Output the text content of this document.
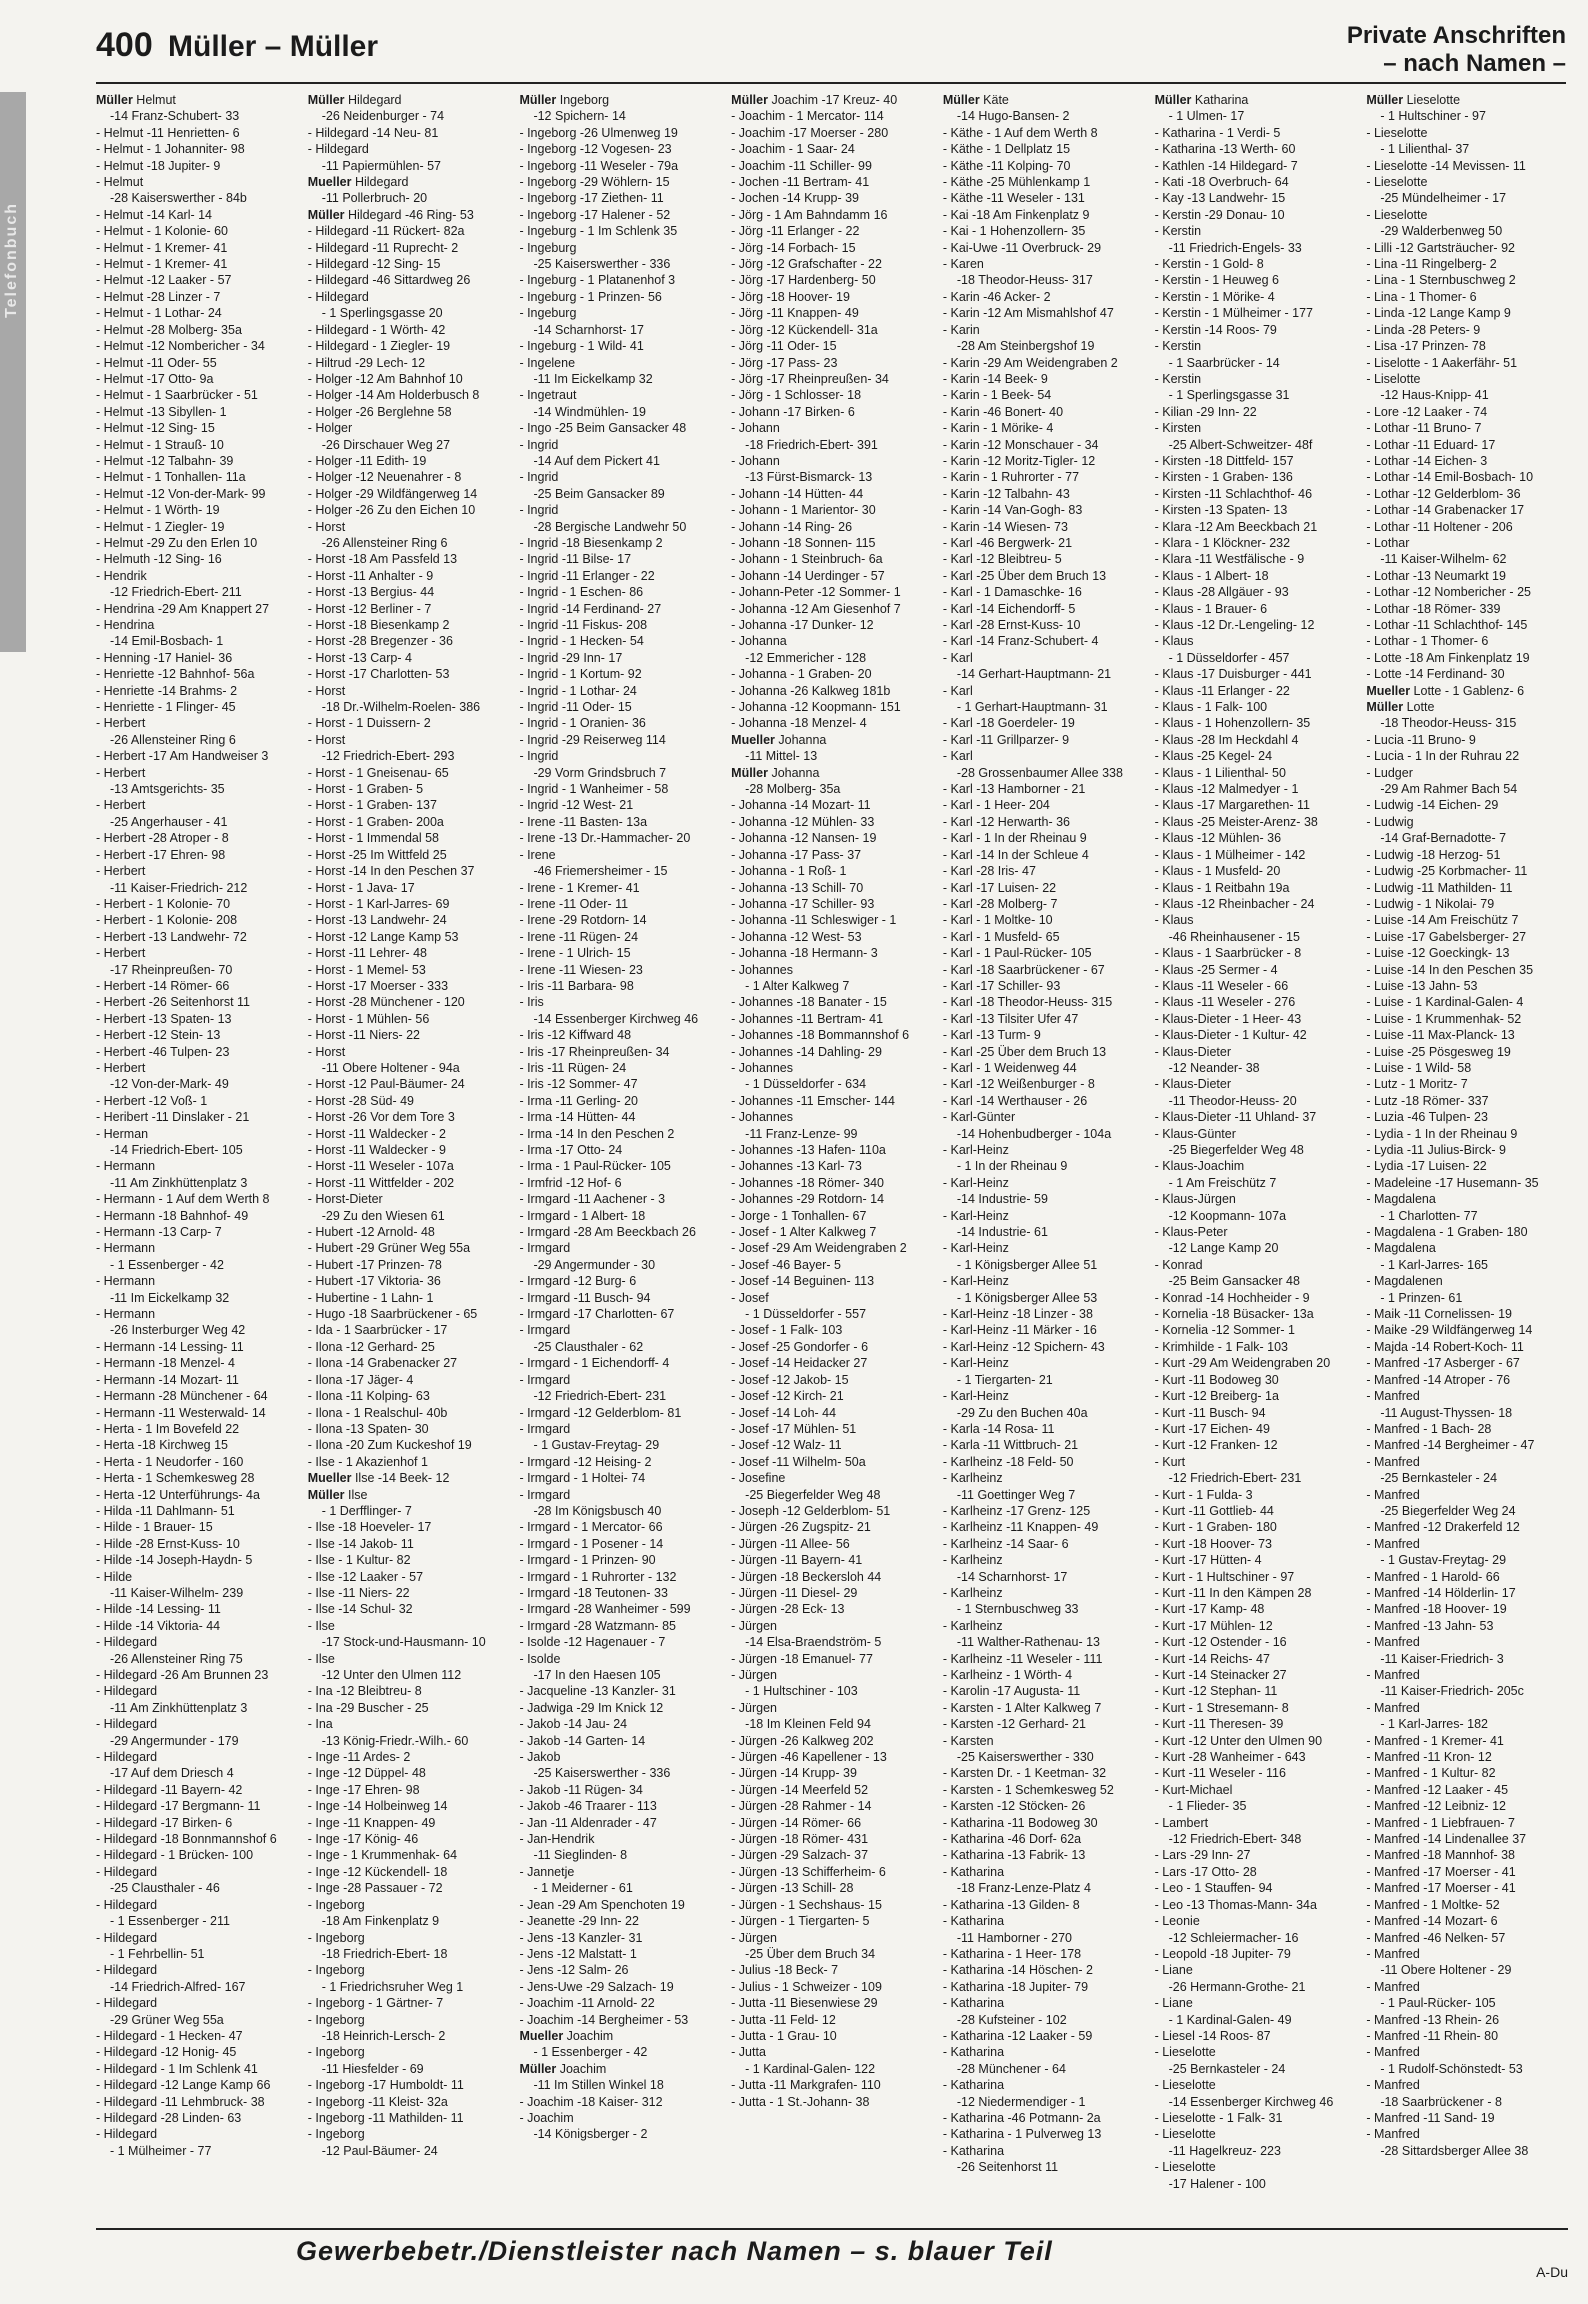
400 Müller – Müller	Private Anschriften
– nach Namen –
Telefonbuch
Müller Helmut
-14 Franz-Schubert- 33
- Helmut -11 Henrietten- 6
- Helmut - 1 Johanniter- 98
- Helmut -18 Jupiter- 9
- Helmut
-28 Kaiserswerther - 84b
- Helmut -14 Karl- 14
- Helmut - 1 Kolonie- 60
- Helmut - 1 Kremer- 41
- Helmut - 1 Kremer- 41
- Helmut -12 Laaker - 57
- Helmut -28 Linzer - 7
- Helmut - 1 Lothar- 24
- Helmut -28 Molberg- 35a
- Helmut -12 Nombericher - 34
- Helmut -11 Oder- 55
- Helmut -17 Otto- 9a
- Helmut - 1 Saarbrücker - 51
- Helmut -13 Sibyllen- 1
- Helmut -12 Sing- 15
- Helmut - 1 Strauß- 10
- Helmut -12 Talbahn- 39
- Helmut - 1 Tonhallen- 11a
- Helmut -12 Von-der-Mark- 99
- Helmut - 1 Wörth- 19
- Helmut - 1 Ziegler- 19
- Helmut -29 Zu den Erlen 10
- Helmuth -12 Sing- 16
- Hendrik
-12 Friedrich-Ebert- 211
- Hendrina -29 Am Knappert 27
- Hendrina
-14 Emil-Bosbach- 1
- Henning -17 Haniel- 36
- Henriette -12 Bahnhof- 56a
- Henriette -14 Brahms- 2
- Henriette - 1 Flinger- 45
- Herbert
-26 Allensteiner Ring 6
- Herbert -17 Am Handweiser 3
- Herbert
-13 Amtsgerichts- 35
- Herbert
-25 Angerhauser - 41
- Herbert -28 Atroper - 8
- Herbert -17 Ehren- 98
- Herbert
-11 Kaiser-Friedrich- 212
- Herbert - 1 Kolonie- 70
- Herbert - 1 Kolonie- 208
- Herbert -13 Landwehr- 72
- Herbert
-17 Rheinpreußen- 70
- Herbert -14 Römer- 66
- Herbert -26 Seitenhorst 11
- Herbert -13 Spaten- 13
- Herbert -12 Stein- 13
- Herbert -46 Tulpen- 23
- Herbert
-12 Von-der-Mark- 49
- Herbert -12 Voß- 1
- Heribert -11 Dinslaker - 21
- Herman
-14 Friedrich-Ebert- 105
- Hermann
-11 Am Zinkhüttenplatz 3
- Hermann - 1 Auf dem Werth 8
- Hermann -18 Bahnhof- 49
- Hermann -13 Carp- 7
- Hermann
- 1 Essenberger - 42
- Hermann
-11 Im Eickelkamp 32
- Hermann
-26 Insterburger Weg 42
- Hermann -14 Lessing- 11
- Hermann -18 Menzel- 4
- Hermann -14 Mozart- 11
- Hermann -28 Münchener - 64
- Hermann -11 Westerwald- 14
- Herta - 1 Im Bovefeld 22
- Herta -18 Kirchweg 15
- Herta - 1 Neudorfer - 160
- Herta - 1 Schemkesweg 28
- Herta -12 Unterführungs- 4a
- Hilda -11 Dahlmann- 51
- Hilde - 1 Brauer- 15
- Hilde -28 Ernst-Kuss- 10
- Hilde -14 Joseph-Haydn- 5
- Hilde
-11 Kaiser-Wilhelm- 239
- Hilde -14 Lessing- 11
- Hilde -14 Viktoria- 44
- Hildegard
-26 Allensteiner Ring 75
- Hildegard -26 Am Brunnen 23
- Hildegard
-11 Am Zinkhüttenplatz 3
- Hildegard
-29 Angermunder - 179
- Hildegard
-17 Auf dem Driesch 4
- Hildegard -11 Bayern- 42
- Hildegard -17 Bergmann- 11
- Hildegard -17 Birken- 6
- Hildegard -18 Bonnmannshof 6
- Hildegard - 1 Brücken- 100
- Hildegard
-25 Clausthaler - 46
- Hildegard
- 1 Essenberger - 211
- Hildegard
- 1 Fehrbellin- 51
- Hildegard
-14 Friedrich-Alfred- 167
- Hildegard
-29 Grüner Weg 55a
- Hildegard - 1 Hecken- 47
- Hildegard -12 Honig- 45
- Hildegard - 1 Im Schlenk 41
- Hildegard -12 Lange Kamp 66
- Hildegard -11 Lehmbruck- 38
- Hildegard -28 Linden- 63
- Hildegard
- 1 Mülheimer - 77
Müller Hildegard
-26 Neidenburger - 74
- Hildegard -14 Neu- 81
- Hildegard
-11 Papiermühlen- 57
Mueller Hildegard
-11 Pollerbruch- 20
Müller Hildegard -46 Ring- 53
- Hildegard -11 Rückert- 82a
- Hildegard -11 Ruprecht- 2
- Hildegard -12 Sing- 15
- Hildegard -46 Sittardweg 26
- Hildegard
- 1 Sperlingsgasse 20
- Hildegard - 1 Wörth- 42
- Hildegard - 1 Ziegler- 19
- Hiltrud -29 Lech- 12
- Holger -12 Am Bahnhof 10
- Holger -14 Am Holderbusch 8
- Holger -26 Berglehne 58
- Holger
-26 Dirschauer Weg 27
- Holger -11 Edith- 19
- Holger -12 Neuenahrer - 8
- Holger -29 Wildfängerweg 14
- Holger -26 Zu den Eichen 10
- Horst
-26 Allensteiner Ring 6
- Horst -18 Am Passfeld 13
- Horst -11 Anhalter - 9
- Horst -13 Bergius- 44
- Horst -12 Berliner - 7
- Horst -18 Biesenkamp 2
- Horst -28 Bregenzer - 36
- Horst -13 Carp- 4
- Horst -17 Charlotten- 53
- Horst
-18 Dr.-Wilhelm-Roelen- 386
- Horst - 1 Duissern- 2
- Horst
-12 Friedrich-Ebert- 293
- Horst - 1 Gneisenau- 65
- Horst - 1 Graben- 5
- Horst - 1 Graben- 137
- Horst - 1 Graben- 200a
- Horst - 1 Immendal 58
- Horst -25 Im Wittfeld 25
- Horst -14 In den Peschen 37
- Horst - 1 Java- 17
- Horst - 1 Karl-Jarres- 69
- Horst -13 Landwehr- 24
- Horst -12 Lange Kamp 53
- Horst -11 Lehrer- 48
- Horst - 1 Memel- 53
- Horst -17 Moerser - 333
- Horst -28 Münchener - 120
- Horst - 1 Mühlen- 56
- Horst -11 Niers- 22
- Horst
-11 Obere Holtener - 94a
- Horst -12 Paul-Bäumer- 24
- Horst -28 Süd- 49
- Horst -26 Vor dem Tore 3
- Horst -11 Waldecker - 2
- Horst -11 Waldecker - 9
- Horst -11 Weseler - 107a
- Horst -11 Wittfelder - 202
- Horst-Dieter
-29 Zu den Wiesen 61
- Hubert -12 Arnold- 48
- Hubert -29 Grüner Weg 55a
- Hubert -17 Prinzen- 78
- Hubert -17 Viktoria- 36
- Hubertine - 1 Lahn- 1
- Hugo -18 Saarbrückener - 65
- Ida - 1 Saarbrücker - 17
- Ilona -12 Gerhard- 25
- Ilona -14 Grabenacker 27
- Ilona -17 Jäger- 4
- Ilona -11 Kolping- 63
- Ilona - 1 Realschul- 40b
- Ilona -13 Spaten- 30
- Ilona -20 Zum Kuckeshof 19
- Ilse - 1 Akazienhof 1
Mueller Ilse -14 Beek- 12
Müller Ilse
- 1 Derfflinger- 7
- Ilse -18 Hoeveler- 17
- Ilse -14 Jakob- 11
- Ilse - 1 Kultur- 82
- Ilse -12 Laaker - 57
- Ilse -11 Niers- 22
- Ilse -14 Schul- 32
- Ilse
-17 Stock-und-Hausmann- 10
- Ilse
-12 Unter den Ulmen 112
- Ina -12 Bleibtreu- 8
- Ina -29 Buscher - 25
- Ina
-13 König-Friedr.-Wilh.- 60
- Inge -11 Ardes- 2
- Inge -12 Düppel- 48
- Inge -17 Ehren- 98
- Inge -14 Holbeinweg 14
- Inge -11 Knappen- 49
- Inge -17 König- 46
- Inge - 1 Krummenhak- 64
- Inge -12 Kückendell- 18
- Inge -28 Passauer - 72
- Ingeborg
-18 Am Finkenplatz 9
- Ingeborg
-18 Friedrich-Ebert- 18
- Ingeborg
- 1 Friedrichsruher Weg 1
- Ingeborg - 1 Gärtner- 7
- Ingeborg
-18 Heinrich-Lersch- 2
- Ingeborg
-11 Hiesfelder - 69
- Ingeborg -17 Humboldt- 11
- Ingeborg -11 Kleist- 32a
- Ingeborg -11 Mathilden- 11
- Ingeborg
-12 Paul-Bäumer- 24
Müller Ingeborg
-12 Spichern- 14
- Ingeborg -26 Ulmenweg 19
- Ingeborg -12 Vogesen- 23
- Ingeborg -11 Weseler - 79a
- Ingeborg -29 Wöhlern- 15
- Ingeborg -17 Ziethen- 11
- Ingeborg -17 Halener - 52
- Ingeburg - 1 Im Schlenk 35
- Ingeburg
-25 Kaiserswerther - 336
- Ingeburg - 1 Platanenhof 3
- Ingeburg - 1 Prinzen- 56
- Ingeburg
-14 Scharnhorst- 17
- Ingeburg - 1 Wild- 41
- Ingelene
-11 Im Eickelkamp 32
- Ingetraut
-14 Windmühlen- 19
- Ingo -25 Beim Gansacker 48
- Ingrid
-14 Auf dem Pickert 41
- Ingrid
-25 Beim Gansacker 89
- Ingrid
-28 Bergische Landwehr 50
- Ingrid -18 Biesenkamp 2
- Ingrid -11 Bilse- 17
- Ingrid -11 Erlanger - 22
- Ingrid - 1 Eschen- 86
- Ingrid -14 Ferdinand- 27
- Ingrid -11 Fiskus- 208
- Ingrid - 1 Hecken- 54
- Ingrid -29 Inn- 17
- Ingrid - 1 Kortum- 92
- Ingrid - 1 Lothar- 24
- Ingrid -11 Oder- 15
- Ingrid - 1 Oranien- 36
- Ingrid -29 Reiserweg 114
- Ingrid
-29 Vorm Grindsbruch 7
- Ingrid - 1 Wanheimer - 58
- Ingrid -12 West- 21
- Irene -11 Basten- 13a
- Irene -13 Dr.-Hammacher- 20
- Irene
-46 Friemersheimer - 15
- Irene - 1 Kremer- 41
- Irene -11 Oder- 11
- Irene -29 Rotdorn- 14
- Irene -11 Rügen- 24
- Irene - 1 Ulrich- 15
- Irene -11 Wiesen- 23
- Iris -11 Barbara- 98
- Iris
-14 Essenberger Kirchweg 46
- Iris -12 Kiffward 48
- Iris -17 Rheinpreußen- 34
- Iris -11 Rügen- 24
- Iris -12 Sommer- 47
- Irma -11 Gerling- 20
- Irma -14 Hütten- 44
- Irma -14 In den Peschen 2
- Irma -17 Otto- 24
- Irma - 1 Paul-Rücker- 105
- Irmfrid -12 Hof- 6
- Irmgard -11 Aachener - 3
- Irmgard - 1 Albert- 18
- Irmgard -28 Am Beeckbach 26
- Irmgard
-29 Angermunder - 30
- Irmgard -12 Burg- 6
- Irmgard -11 Busch- 94
- Irmgard -17 Charlotten- 67
- Irmgard
-25 Clausthaler - 62
- Irmgard - 1 Eichendorff- 4
- Irmgard
-12 Friedrich-Ebert- 231
- Irmgard -12 Gelderblom- 81
- Irmgard
- 1 Gustav-Freytag- 29
- Irmgard -12 Heising- 2
- Irmgard - 1 Holtei- 74
- Irmgard
-28 Im Königsbusch 40
- Irmgard - 1 Mercator- 66
- Irmgard - 1 Posener - 14
- Irmgard - 1 Prinzen- 90
- Irmgard - 1 Ruhrorter - 132
- Irmgard -18 Teutonen- 33
- Irmgard -28 Wanheimer - 599
- Irmgard -28 Watzmann- 85
- Isolde -12 Hagenauer - 7
- Isolde
-17 In den Haesen 105
- Jacqueline -13 Kanzler- 31
- Jadwiga -29 Im Knick 12
- Jakob -14 Jau- 24
- Jakob -14 Garten- 14
- Jakob
-25 Kaiserswerther - 336
- Jakob -11 Rügen- 34
- Jakob -46 Traarer - 113
- Jan -11 Aldenrader - 47
- Jan-Hendrik
-11 Sieglinden- 8
- Jannetje
- 1 Meiderner - 61
- Jean -29 Am Spenchoten 19
- Jeanette -29 Inn- 22
- Jens -13 Kanzler- 31
- Jens -12 Malstatt- 1
- Jens -12 Salm- 26
- Jens-Uwe -29 Salzach- 19
- Joachim -11 Arnold- 22
- Joachim -14 Bergheimer - 53
Mueller Joachim
- 1 Essenberger - 42
Müller Joachim
-11 Im Stillen Winkel 18
- Joachim -18 Kaiser- 312
- Joachim
-14 Königsberger - 2
Müller Joachim -17 Kreuz- 40
- Joachim - 1 Mercator- 114
- Joachim -17 Moerser - 280
- Joachim - 1 Saar- 24
- Joachim -11 Schiller- 99
- Jochen -11 Bertram- 41
- Jochen -14 Krupp- 39
- Jörg - 1 Am Bahndamm 16
- Jörg -11 Erlanger - 22
- Jörg -14 Forbach- 15
- Jörg -12 Grafschafter - 22
- Jörg -17 Hardenberg- 50
- Jörg -18 Hoover- 19
- Jörg -11 Knappen- 49
- Jörg -12 Kückendell- 31a
- Jörg -11 Oder- 15
- Jörg -17 Pass- 23
- Jörg -17 Rheinpreußen- 34
- Jörg - 1 Schlosser- 18
- Johann -17 Birken- 6
- Johann
-18 Friedrich-Ebert- 391
- Johann
-13 Fürst-Bismarck- 13
- Johann -14 Hütten- 44
- Johann - 1 Marientor- 30
- Johann -14 Ring- 26
- Johann -18 Sonnen- 115
- Johann - 1 Steinbruch- 6a
- Johann -14 Uerdinger - 57
- Johann-Peter -12 Sommer- 1
- Johanna -12 Am Giesenhof 7
- Johanna -17 Dunker- 12
- Johanna
-12 Emmericher - 128
- Johanna - 1 Graben- 20
- Johanna -26 Kalkweg 181b
- Johanna -12 Koopmann- 151
- Johanna -18 Menzel- 4
Mueller Johanna
-11 Mittel- 13
Müller Johanna
-28 Molberg- 35a
- Johanna -14 Mozart- 11
- Johanna -12 Mühlen- 33
- Johanna -12 Nansen- 19
- Johanna -17 Pass- 37
- Johanna - 1 Roß- 1
- Johanna -13 Schill- 70
- Johanna -17 Schiller- 93
- Johanna -11 Schleswiger - 1
- Johanna -12 West- 53
- Johanna -18 Hermann- 3
- Johannes
- 1 Alter Kalkweg 7
- Johannes -18 Banater - 15
- Johannes -11 Bertram- 41
- Johannes -18 Bommannshof 6
- Johannes -14 Dahling- 29
- Johannes
- 1 Düsseldorfer - 634
- Johannes -11 Emscher- 144
- Johannes
-11 Franz-Lenze- 99
- Johannes -13 Hafen- 110a
- Johannes -13 Karl- 73
- Johannes -18 Römer- 340
- Johannes -29 Rotdorn- 14
- Jorge - 1 Tonhallen- 67
- Josef - 1 Alter Kalkweg 7
- Josef -29 Am Weidengraben 2
- Josef -46 Bayer- 5
- Josef -14 Beguinen- 113
- Josef
- 1 Düsseldorfer - 557
- Josef - 1 Falk- 103
- Josef -25 Gondorfer - 6
- Josef -14 Heidacker 27
- Josef -12 Jakob- 15
- Josef -12 Kirch- 21
- Josef -14 Loh- 44
- Josef -17 Mühlen- 51
- Josef -12 Walz- 11
- Josef -11 Wilhelm- 50a
- Josefine
-25 Biegerfelder Weg 48
- Joseph -12 Gelderblom- 51
- Jürgen -26 Zugspitz- 21
- Jürgen -11 Allee- 56
- Jürgen -11 Bayern- 41
- Jürgen -18 Beckersloh 44
- Jürgen -11 Diesel- 29
- Jürgen -28 Eck- 13
- Jürgen
-14 Elsa-Braendström- 5
- Jürgen -18 Emanuel- 77
- Jürgen
- 1 Hultschiner - 103
- Jürgen
-18 Im Kleinen Feld 94
- Jürgen -26 Kalkweg 202
- Jürgen -46 Kapellener - 13
- Jürgen -14 Krupp- 39
- Jürgen -14 Meerfeld 52
- Jürgen -28 Rahmer - 14
- Jürgen -14 Römer- 66
- Jürgen -18 Römer- 431
- Jürgen -29 Salzach- 37
- Jürgen -13 Schifferheim- 6
- Jürgen -13 Schill- 28
- Jürgen - 1 Sechshaus- 15
- Jürgen - 1 Tiergarten- 5
- Jürgen
-25 Über dem Bruch 34
- Julius -18 Beck- 7
- Julius - 1 Schweizer - 109
- Jutta -11 Biesenwiese 29
- Jutta -11 Feld- 12
- Jutta - 1 Grau- 10
- Jutta
- 1 Kardinal-Galen- 122
- Jutta -11 Markgrafen- 110
- Jutta - 1 St.-Johann- 38
Müller Käte
-14 Hugo-Bansen- 2
- Käthe - 1 Auf dem Werth 8
- Käthe - 1 Dellplatz 15
- Käthe -11 Kolping- 70
- Käthe -25 Mühlenkamp 1
- Käthe -11 Weseler - 131
- Kai -18 Am Finkenplatz 9
- Kai - 1 Hohenzollern- 35
- Kai-Uwe -11 Overbruck- 29
- Karen
-18 Theodor-Heuss- 317
- Karin -46 Acker- 2
- Karin -12 Am Mismahlshof 47
- Karin
-28 Am Steinbergshof 19
- Karin -29 Am Weidengraben 2
- Karin -14 Beek- 9
- Karin - 1 Beek- 54
- Karin -46 Bonert- 40
- Karin - 1 Mörike- 4
- Karin -12 Monschauer - 34
- Karin -12 Moritz-Tigler- 12
- Karin - 1 Ruhrorter - 77
- Karin -12 Talbahn- 43
- Karin -14 Van-Gogh- 83
- Karin -14 Wiesen- 73
- Karl -46 Bergwerk- 21
- Karl -12 Bleibtreu- 5
- Karl -25 Über dem Bruch 13
- Karl - 1 Damaschke- 16
- Karl -14 Eichendorff- 5
- Karl -28 Ernst-Kuss- 10
- Karl -14 Franz-Schubert- 4
- Karl
-14 Gerhart-Hauptmann- 21
- Karl
- 1 Gerhart-Hauptmann- 31
- Karl -18 Goerdeler- 19
- Karl -11 Grillparzer- 9
- Karl
-28 Grossenbaumer Allee 338
- Karl -13 Hamborner - 21
- Karl - 1 Heer- 204
- Karl -12 Herwarth- 36
- Karl - 1 In der Rheinau 9
- Karl -14 In der Schleue 4
- Karl -28 Iris- 47
- Karl -17 Luisen- 22
- Karl -28 Molberg- 7
- Karl - 1 Moltke- 10
- Karl - 1 Musfeld- 65
- Karl - 1 Paul-Rücker- 105
- Karl -18 Saarbrückener - 67
- Karl -17 Schiller- 93
- Karl -18 Theodor-Heuss- 315
- Karl -13 Tilsiter Ufer 47
- Karl -13 Turm- 9
- Karl -25 Über dem Bruch 13
- Karl - 1 Weidenweg 44
- Karl -12 Weißenburger - 8
- Karl -14 Werthauser - 26
- Karl-Günter
-14 Hohenbudberger - 104a
- Karl-Heinz
- 1 In der Rheinau 9
- Karl-Heinz
-14 Industrie- 59
- Karl-Heinz
-14 Industrie- 61
- Karl-Heinz
- 1 Königsberger Allee 51
- Karl-Heinz
- 1 Königsberger Allee 53
- Karl-Heinz -18 Linzer - 38
- Karl-Heinz -11 Märker - 16
- Karl-Heinz -12 Spichern- 43
- Karl-Heinz
- 1 Tiergarten- 21
- Karl-Heinz
-29 Zu den Buchen 40a
- Karla -14 Rosa- 11
- Karla -11 Wittbruch- 21
- Karlheinz -18 Feld- 50
- Karlheinz
-11 Goettinger Weg 7
- Karlheinz -17 Grenz- 125
- Karlheinz -11 Knappen- 49
- Karlheinz -14 Saar- 6
- Karlheinz
-14 Scharnhorst- 17
- Karlheinz
- 1 Sternbuschweg 33
- Karlheinz
-11 Walther-Rathenau- 13
- Karlheinz -11 Weseler - 111
- Karlheinz - 1 Wörth- 4
- Karolin -17 Augusta- 11
- Karsten - 1 Alter Kalkweg 7
- Karsten -12 Gerhard- 21
- Karsten
-25 Kaiserswerther - 330
- Karsten Dr. - 1 Keetman- 32
- Karsten - 1 Schemkesweg 52
- Karsten -12 Stöcken- 26
- Katharina -11 Bodoweg 30
- Katharina -46 Dorf- 62a
- Katharina -13 Fabrik- 13
- Katharina
-18 Franz-Lenze-Platz 4
- Katharina -13 Gilden- 8
- Katharina
-11 Hamborner - 270
- Katharina - 1 Heer- 178
- Katharina -14 Höschen- 2
- Katharina -18 Jupiter- 79
- Katharina
-28 Kufsteiner - 102
- Katharina -12 Laaker - 59
- Katharina
-28 Münchener - 64
- Katharina
-12 Niedermendiger - 1
- Katharina -46 Potmann- 2a
- Katharina - 1 Pulverweg 13
- Katharina
-26 Seitenhorst 11
Müller Katharina
- 1 Ulmen- 17
- Katharina - 1 Verdi- 5
- Katharina -13 Werth- 60
- Kathlen -14 Hildegard- 7
- Kati -18 Overbruch- 64
- Kay -13 Landwehr- 15
- Kerstin -29 Donau- 10
- Kerstin
-11 Friedrich-Engels- 33
- Kerstin - 1 Gold- 8
- Kerstin - 1 Heuweg 6
- Kerstin - 1 Mörike- 4
- Kerstin - 1 Mülheimer - 177
- Kerstin -14 Roos- 79
- Kerstin
- 1 Saarbrücker - 14
- Kerstin
- 1 Sperlingsgasse 31
- Kilian -29 Inn- 22
- Kirsten
-25 Albert-Schweitzer- 48f
- Kirsten -18 Dittfeld- 157
- Kirsten - 1 Graben- 136
- Kirsten -11 Schlachthof- 46
- Kirsten -13 Spaten- 13
- Klara -12 Am Beeckbach 21
- Klara - 1 Klöckner- 232
- Klara -11 Westfälische - 9
- Klaus - 1 Albert- 18
- Klaus -28 Allgäuer - 93
- Klaus - 1 Brauer- 6
- Klaus -12 Dr.-Lengeling- 12
- Klaus
- 1 Düsseldorfer - 457
- Klaus -17 Duisburger - 441
- Klaus -11 Erlanger - 22
- Klaus - 1 Falk- 100
- Klaus - 1 Hohenzollern- 35
- Klaus -28 Im Heckdahl 4
- Klaus -25 Kegel- 24
- Klaus - 1 Lilienthal- 50
- Klaus -12 Malmedyer - 1
- Klaus -17 Margarethen- 11
- Klaus -25 Meister-Arenz- 38
- Klaus -12 Mühlen- 36
- Klaus - 1 Mülheimer - 142
- Klaus - 1 Musfeld- 20
- Klaus - 1 Reitbahn 19a
- Klaus -12 Rheinbacher - 24
- Klaus
-46 Rheinhausener - 15
- Klaus - 1 Saarbrücker - 8
- Klaus -25 Sermer - 4
- Klaus -11 Weseler - 66
- Klaus -11 Weseler - 276
- Klaus-Dieter - 1 Heer- 43
- Klaus-Dieter - 1 Kultur- 42
- Klaus-Dieter
-12 Neander- 38
- Klaus-Dieter
-11 Theodor-Heuss- 20
- Klaus-Dieter -11 Uhland- 37
- Klaus-Günter
-25 Biegerfelder Weg 48
- Klaus-Joachim
- 1 Am Freischütz 7
- Klaus-Jürgen
-12 Koopmann- 107a
- Klaus-Peter
-12 Lange Kamp 20
- Konrad
-25 Beim Gansacker 48
- Konrad -14 Hochheider - 9
- Kornelia -18 Büsacker- 13a
- Kornelia -12 Sommer- 1
- Krimhilde - 1 Falk- 103
- Kurt -29 Am Weidengraben 20
- Kurt -11 Bodoweg 30
- Kurt -12 Breiberg- 1a
- Kurt -11 Busch- 94
- Kurt -17 Eichen- 49
- Kurt -12 Franken- 12
- Kurt
-12 Friedrich-Ebert- 231
- Kurt - 1 Fulda- 3
- Kurt -11 Gottlieb- 44
- Kurt - 1 Graben- 180
- Kurt -18 Hoover- 73
- Kurt -17 Hütten- 4
- Kurt - 1 Hultschiner - 97
- Kurt -11 In den Kämpen 28
- Kurt -17 Kamp- 48
- Kurt -17 Mühlen- 12
- Kurt -12 Ostender - 16
- Kurt -14 Reichs- 47
- Kurt -14 Steinacker 27
- Kurt -12 Stephan- 11
- Kurt - 1 Stresemann- 8
- Kurt -11 Theresen- 39
- Kurt -12 Unter den Ulmen 90
- Kurt -28 Wanheimer - 643
- Kurt -11 Weseler - 116
- Kurt-Michael
- 1 Flieder- 35
- Lambert
-12 Friedrich-Ebert- 348
- Lars -29 Inn- 27
- Lars -17 Otto- 28
- Leo - 1 Stauffen- 94
- Leo -13 Thomas-Mann- 34a
- Leonie
-12 Schleiermacher- 16
- Leopold -18 Jupiter- 79
- Liane
-26 Hermann-Grothe- 21
- Liane
- 1 Kardinal-Galen- 49
- Liesel -14 Roos- 87
- Lieselotte
-25 Bernkasteler - 24
- Lieselotte
-14 Essenberger Kirchweg 46
- Lieselotte - 1 Falk- 31
- Lieselotte
-11 Hagelkreuz- 223
- Lieselotte
-17 Halener - 100
Müller Lieselotte
- 1 Hultschiner - 97
- Lieselotte
- 1 Lilienthal- 37
- Lieselotte -14 Mevissen- 11
- Lieselotte
-25 Mündelheimer - 17
- Lieselotte
-29 Walderbenweg 50
- Lilli -12 Gartsträucher- 92
- Lina -11 Ringelberg- 2
- Lina - 1 Sternbuschweg 2
- Lina - 1 Thomer- 6
- Linda -12 Lange Kamp 9
- Linda -28 Peters- 9
- Lisa -17 Prinzen- 78
- Liselotte - 1 Aakerfähr- 51
- Liselotte
-12 Haus-Knipp- 41
- Lore -12 Laaker - 74
- Lothar -11 Bruno- 7
- Lothar -11 Eduard- 17
- Lothar -14 Eichen- 3
- Lothar -14 Emil-Bosbach- 10
- Lothar -12 Gelderblom- 36
- Lothar -14 Grabenacker 17
- Lothar -11 Holtener - 206
- Lothar
-11 Kaiser-Wilhelm- 62
- Lothar -13 Neumarkt 19
- Lothar -12 Nombericher - 25
- Lothar -18 Römer- 339
- Lothar -11 Schlachthof- 145
- Lothar - 1 Thomer- 6
- Lotte -18 Am Finkenplatz 19
- Lotte -14 Ferdinand- 30
Mueller Lotte - 1 Gablenz- 6
Müller Lotte
-18 Theodor-Heuss- 315
- Lucia -11 Bruno- 9
- Lucia - 1 In der Ruhrau 22
- Ludger
-29 Am Rahmer Bach 54
- Ludwig -14 Eichen- 29
- Ludwig
-14 Graf-Bernadotte- 7
- Ludwig -18 Herzog- 51
- Ludwig -25 Korbmacher- 11
- Ludwig -11 Mathilden- 11
- Ludwig - 1 Nikolai- 79
- Luise -14 Am Freischütz 7
- Luise -17 Gabelsberger- 27
- Luise -12 Goeckingk- 13
- Luise -14 In den Peschen 35
- Luise -13 Jahn- 53
- Luise - 1 Kardinal-Galen- 4
- Luise - 1 Krummenhak- 52
- Luise -11 Max-Planck- 13
- Luise -25 Pösgesweg 19
- Luise - 1 Wild- 58
- Lutz - 1 Moritz- 7
- Lutz -18 Römer- 337
- Luzia -46 Tulpen- 23
- Lydia - 1 In der Rheinau 9
- Lydia -11 Julius-Birck- 9
- Lydia -17 Luisen- 22
- Madeleine -17 Husemann- 35
- Magdalena
- 1 Charlotten- 77
- Magdalena - 1 Graben- 180
- Magdalena
- 1 Karl-Jarres- 165
- Magdalenen
- 1 Prinzen- 61
- Maik -11 Cornelissen- 19
- Maike -29 Wildfängerweg 14
- Majda -14 Robert-Koch- 11
- Manfred -17 Asberger - 67
- Manfred -14 Atroper - 76
- Manfred
-11 August-Thyssen- 18
- Manfred - 1 Bach- 28
- Manfred -14 Bergheimer - 47
- Manfred
-25 Bernkasteler - 24
- Manfred
-25 Biegerfelder Weg 24
- Manfred -12 Drakerfeld 12
- Manfred
- 1 Gustav-Freytag- 29
- Manfred - 1 Harold- 66
- Manfred -14 Hölderlin- 17
- Manfred -18 Hoover- 19
- Manfred -13 Jahn- 53
- Manfred
-11 Kaiser-Friedrich- 3
- Manfred
-11 Kaiser-Friedrich- 205c
- Manfred
- 1 Karl-Jarres- 182
- Manfred - 1 Kremer- 41
- Manfred -11 Kron- 12
- Manfred - 1 Kultur- 82
- Manfred -12 Laaker - 45
- Manfred -12 Leibniz- 12
- Manfred - 1 Liebfrauen- 7
- Manfred -14 Lindenallee 37
- Manfred -18 Mannhof- 38
- Manfred -17 Moerser - 41
- Manfred -17 Moerser - 41
- Manfred - 1 Moltke- 52
- Manfred -14 Mozart- 6
- Manfred -46 Nelken- 57
- Manfred
-11 Obere Holtener - 29
- Manfred
- 1 Paul-Rücker- 105
- Manfred -13 Rhein- 26
- Manfred -11 Rhein- 80
- Manfred
- 1 Rudolf-Schönstedt- 53
- Manfred
-18 Saarbrückener - 8
- Manfred -11 Sand- 19
- Manfred
-28 Sittardsberger Allee 38
Gewerbebetr./Dienstleister nach Namen – s. blauer Teil
A-Du
